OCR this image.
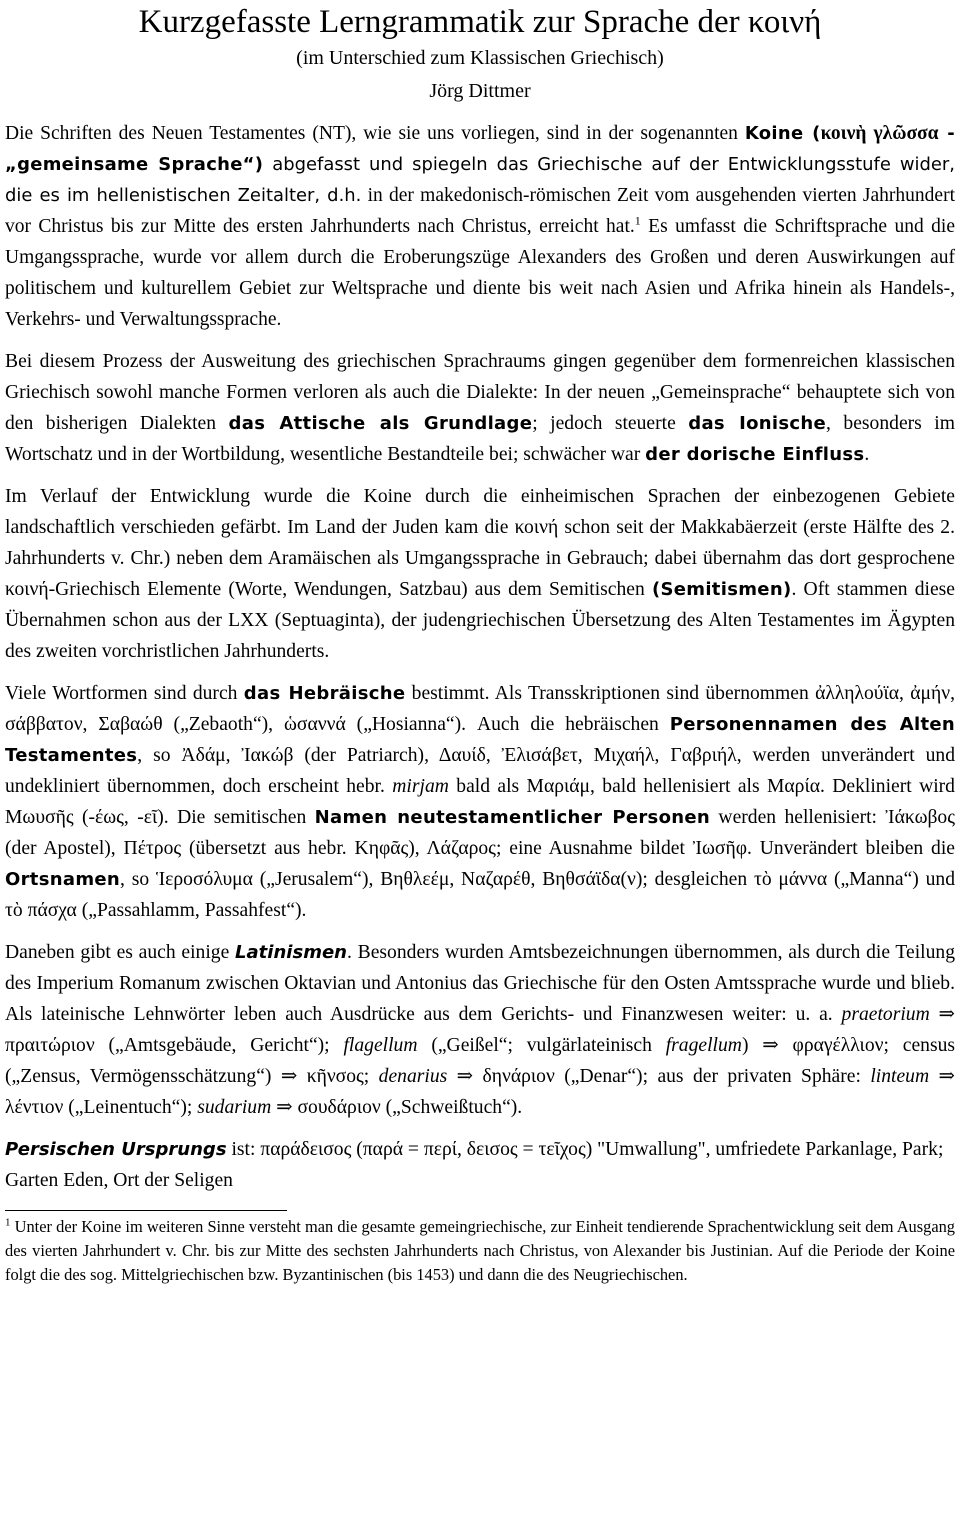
Kurzgefasste Lerngrammatik zur Sprache der κοινή

(im Unterschied zum Klassischen Griechisch)

Jörg Dittmer

Die Schriften des Neuen Testamentes (NT), wie sie uns vorliegen, sind in der sogenannten Koine (κοινὴ γλῶσσα - „gemeinsame Sprache“) abgefasst und spiegeln das Griechische auf der Entwicklungsstufe wider, die es im hellenistischen Zeitalter, d.h. in der makedonisch-römischen Zeit vom ausgehenden vierten Jahrhundert vor Christus bis zur Mitte des ersten Jahrhunderts nach Christus, erreicht hat.$^1$ Es umfasst die Schriftsprache und die Umgangssprache, wurde vor allem durch die Eroberungszüge Alexanders des Großen und deren Auswirkungen auf politischem und kulturellem Gebiet zur Weltsprache und diente bis weit nach Asien und Afrika hinein als Handels-, Verkehrs- und Verwaltungssprache.

Bei diesem Prozess der Ausweitung des griechischen Sprachraums gingen gegenüber dem formenreichen klassischen Griechisch sowohl manche Formen verloren als auch die Dialekte: In der neuen „Gemeinsprache“ behauptete sich von den bisherigen Dialekten das Attische als Grundlage; jedoch steuerte das Ionische, besonders im Wortschatz und in der Wortbildung, wesentliche Bestandteile bei; schwächer war der dorische Einfluss.

Im Verlauf der Entwicklung wurde die Koine durch die einheimischen Sprachen der einbezogenen Gebiete landschaftlich verschieden gefärbt. Im Land der Juden kam die κοινή schon seit der Makkabäerzeit (erste Hälfte des 2. Jahrhunderts v. Chr.) neben dem Aramäischen als Umgangssprache in Gebrauch; dabei übernahm das dort gesprochene κοινή-Griechisch Elemente (Worte, Wendungen, Satzbau) aus dem Semitischen (Semitismen). Oft stammen diese Übernahmen schon aus der LXX (Septuaginta), der judengriechischen Übersetzung des Alten Testamentes im Ägypten des zweiten vorchristlichen Jahrhunderts.

Viele Wortformen sind durch das Hebräische bestimmt. Als Transskriptionen sind übernommen ἀλληλούϊα, ἀμήν, σάββατον, Σαβαώθ („Zebaoth“), ὡσαννά („Hosianna“). Auch die hebräischen Personennamen des Alten Testamentes, so Ἀδάμ, Ἰακώβ (der Patriarch), Δαυίδ, Ἐλισάβετ, Μιχαήλ, Γαβριήλ, werden unverändert und undekliniert übernommen, doch erscheint hebr. mirjam bald als Μαριάμ, bald hellenisiert als Μαρία. Dekliniert wird Μωυσῆς (-έως, -εῖ). Die semitischen Namen neutestamentlicher Personen werden hellenisiert: Ἰάκωβος (der Apostel), Πέτρος (übersetzt aus hebr. Κηφᾶς), Λάζαρος; eine Ausnahme bildet Ἰωσῆφ. Unverändert bleiben die Ortsnamen, so Ἱεροσόλυμα („Jerusalem“), Βηθλεέμ, Ναζαρέθ, Βηθσάϊδα(ν); desgleichen τὸ μάννα („Manna“) und τὸ πάσχα („Passahlamm, Passahfest“).

Daneben gibt es auch einige Latinismen. Besonders wurden Amtsbezeichnungen übernommen, als durch die Teilung des Imperium Romanum zwischen Oktavian und Antonius das Griechische für den Osten Amtssprache wurde und blieb. Als lateinische Lehnwörter leben auch Ausdrücke aus dem Gerichts- und Finanzwesen weiter: u. a. praetorium ⇒ πραιτώριον („Amtsgebäude, Gericht“); flagellum („Geißel“; vulgärlateinisch fragellum) ⇒ φραγέλλιον; census („Zensus, Vermögensschätzung“) ⇒ κῆνσος; denarius ⇒ δηνάριον („Denar“); aus der privaten Sphäre: linteum ⇒ λέντιον („Leinentuch“); sudarium ⇒ σουδάριον („Schweißtuch“).

Persischen Ursprungs ist: παράδεισος (παρά = περί, δεισος = τεῖχος) "Umwallung", umfriedete Parkanlage, Park; Garten Eden, Ort der Seligen

$^1$ Unter der Koine im weiteren Sinne versteht man die gesamte gemeingriechische, zur Einheit tendierende Sprachentwicklung seit dem Ausgang des vierten Jahrhundert v. Chr. bis zur Mitte des sechsten Jahrhunderts nach Christus, von Alexander bis Justinian. Auf die Periode der Koine folgt die des sog. Mittelgriechischen bzw. Byzantinischen (bis 1453) und dann die des Neugriechischen.
